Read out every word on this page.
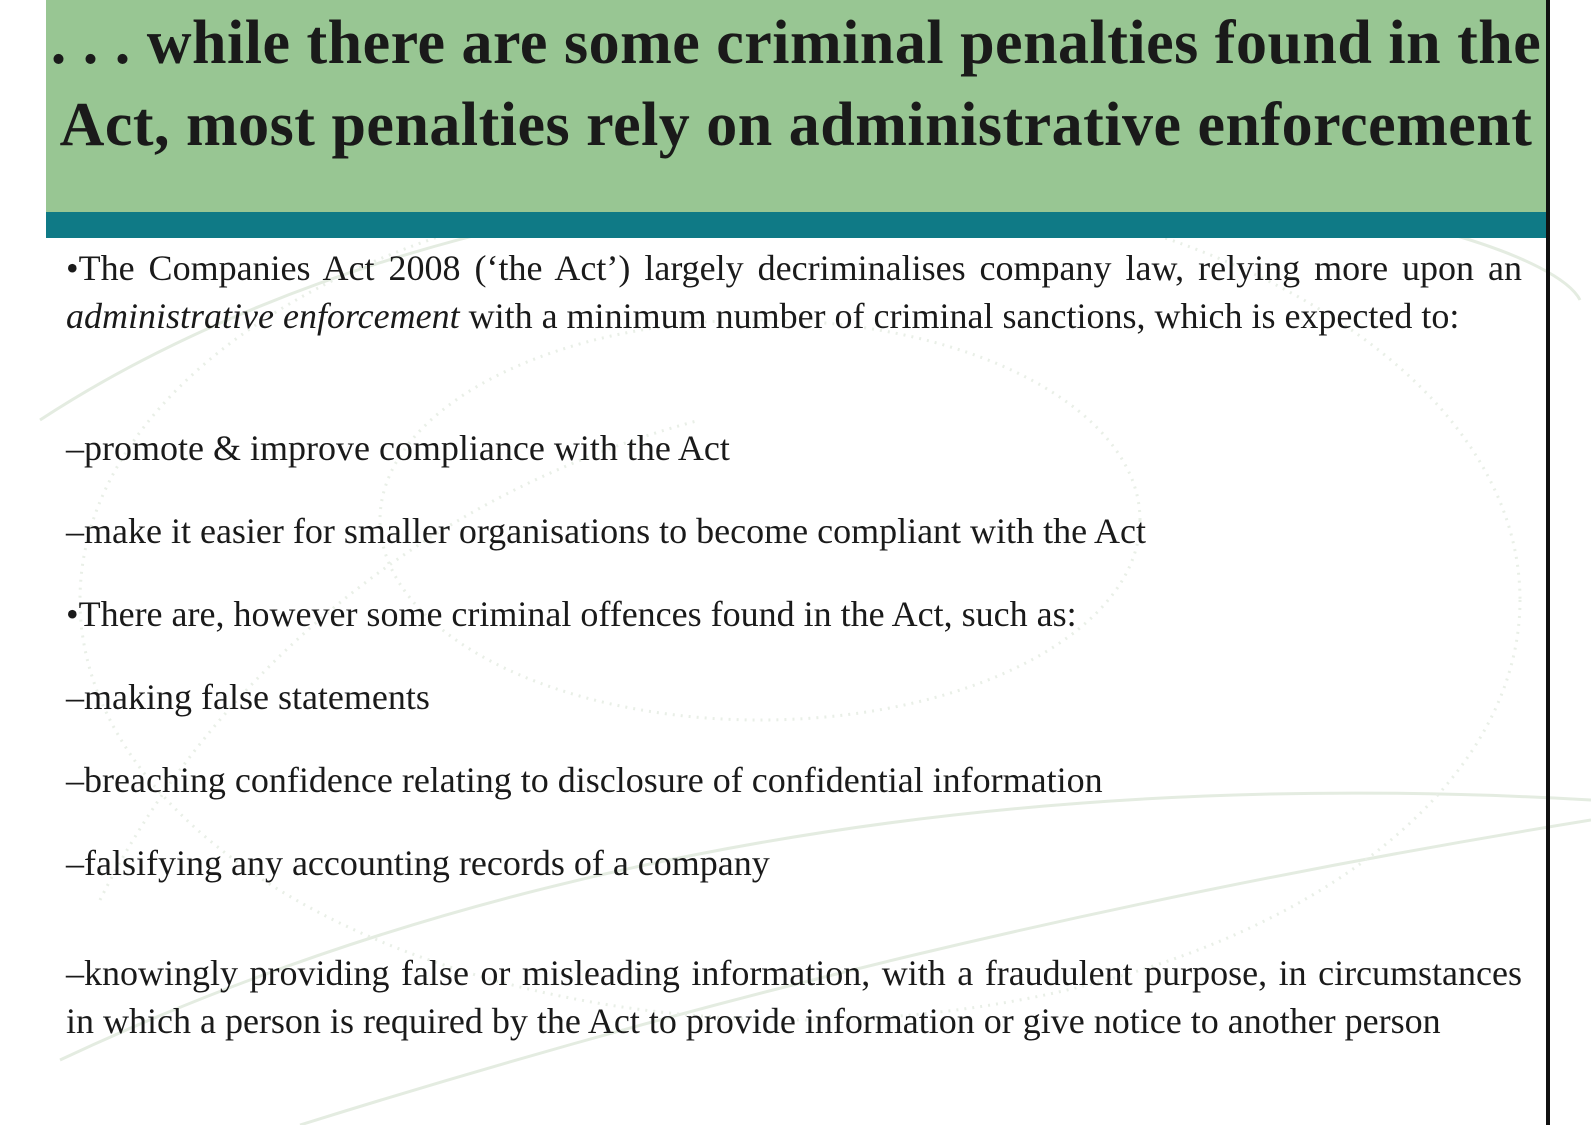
. . . while there are some criminal penalties found in the Act, most penalties rely on administrative enforcement

•The Companies Act 2008 (‘the Act’) largely decriminalises company law, relying more upon an administrative enforcement with a minimum number of criminal sanctions, which is expected to:

–promote & improve compliance with the Act

–make it easier for smaller organisations to become compliant with the Act

•There are, however some criminal offences found in the Act, such as:

–making false statements

–breaching confidence relating to disclosure of confidential information

–falsifying any accounting records of a company

–knowingly providing false or misleading information, with a fraudulent purpose, in circumstances in which a person is required by the Act to provide information or give notice to another person
